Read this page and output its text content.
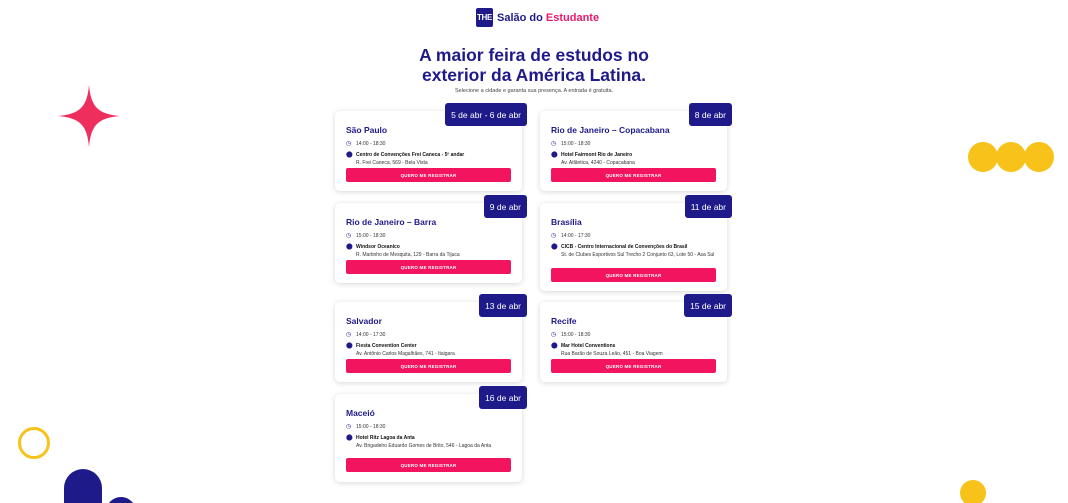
THE Salão do Estudante
A maior feira de estudos no
exterior da América Latina.

Selecione a cidade e garanta sua presença. A entrada é gratuita.

5 de abr - 6 de abr
São Paulo
◷ 14:00 - 18:30
⬤ Centro de Convenções Frei Caneca - 5º andar
R. Frei Caneca, 569 - Bela Vista
QUERO ME REGISTRAR
8 de abr
Rio de Janeiro – Copacabana
◷ 15:00 - 18:30
⬤ Hotel Fairmont Rio de Janeiro
Av. Atlântica, 4240 - Copacabana
QUERO ME REGISTRAR
9 de abr
Rio de Janeiro – Barra
◷ 15:00 - 18:30
⬤ Windsor Oceanico
R. Martinho de Mesquita, 129 - Barra da Tijuca
QUERO ME REGISTRAR
11 de abr
Brasília
◷ 14:00 - 17:30
⬤ CICB - Centro Internacional de Convenções do Brasil
St. de Clubes Esportivos Sul Trecho 2 Conjunto 63, Lote 50 - Asa Sul
QUERO ME REGISTRAR
13 de abr
Salvador
◷ 14:00 - 17:30
⬤ Fiesta Convention Center
Av. Antônio Carlos Magalhães, 741 - Itaigara
QUERO ME REGISTRAR
15 de abr
Recife
◷ 15:00 - 18:30
⬤ Mar Hotel Conventions
Rua Barão de Souza Leão, 451 - Boa Viagem
QUERO ME REGISTRAR
16 de abr
Maceió
◷ 15:00 - 18:30
⬤ Hotel Ritz Lagoa da Anta
Av. Brigadeiro Eduardo Gomes de Brito, 546 - Lagoa da Anta
QUERO ME REGISTRAR
